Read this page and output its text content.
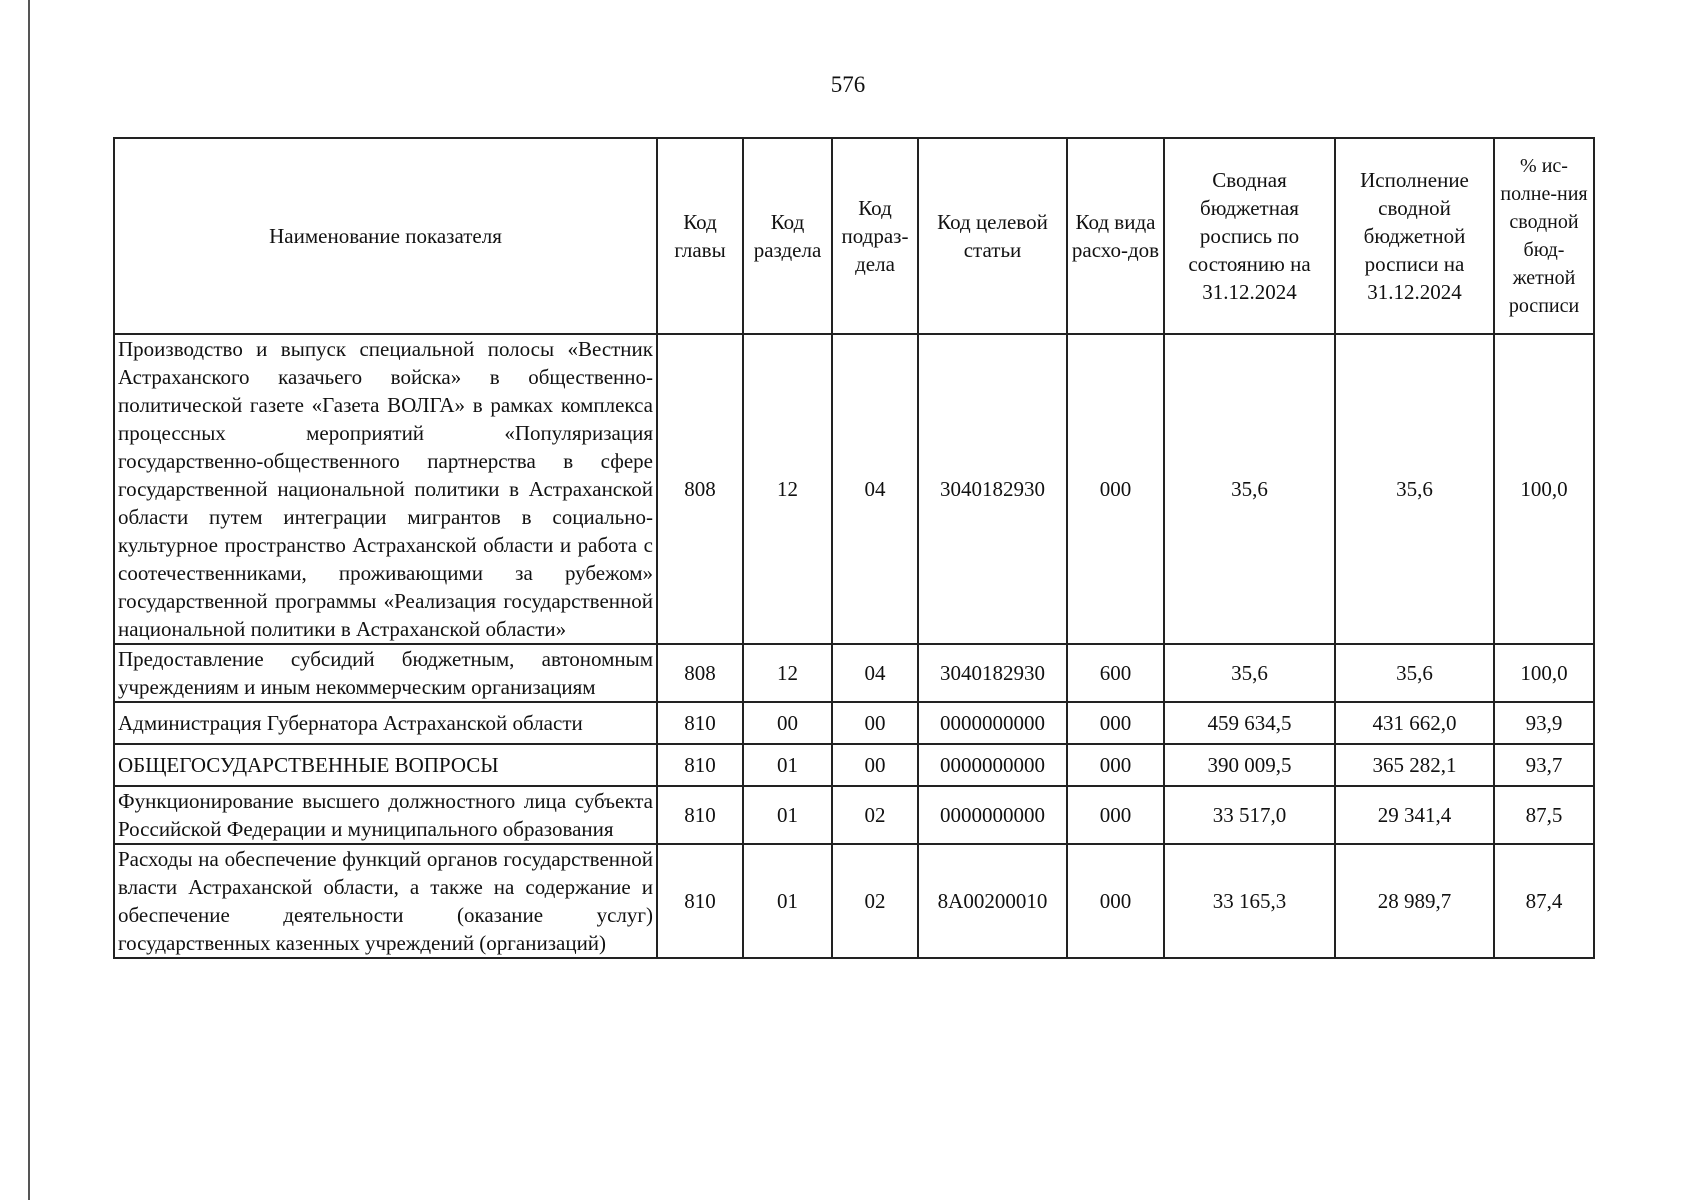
576
Наименование показателя	Код главы	Код раздела	Код подраз-дела	Код целевой статьи	Код вида расхо-дов	Сводная бюджетная роспись по состоянию на 31.12.2024	Исполнение сводной бюджетной росписи на 31.12.2024	% ис-полне-ния сводной бюд-жетной росписи
Производство и выпуск специальной полосы «Вестник Астраханского казачьего войска» в общественно-политической газете «Газета ВОЛГА» в рамках комплекса процессных мероприятий «Популяризация государственно-общественного партнерства в сфере государственной национальной политики в Астраханской области путем интеграции мигрантов в социально-культурное пространство Астраханской области и работа с соотечественниками, проживающими за рубежом» государственной программы «Реализация государственной национальной политики в Астраханской области»	808	12	04	3040182930	000	35,6	35,6	100,0
Предоставление субсидий бюджетным, автономным учреждениям и иным некоммерческим организациям	808	12	04	3040182930	600	35,6	35,6	100,0
Администрация Губернатора Астраханской области	810	00	00	0000000000	000	459 634,5	431 662,0	93,9
ОБЩЕГОСУДАРСТВЕННЫЕ ВОПРОСЫ	810	01	00	0000000000	000	390 009,5	365 282,1	93,7
Функционирование высшего должностного лица субъекта Российской Федерации и муниципального образования	810	01	02	0000000000	000	33 517,0	29 341,4	87,5
Расходы на обеспечение функций органов государственной власти Астраханской области, а также на содержание и обеспечение деятельности (оказание услуг) государственных казенных учреждений (организаций)	810	01	02	8A00200010	000	33 165,3	28 989,7	87,4
